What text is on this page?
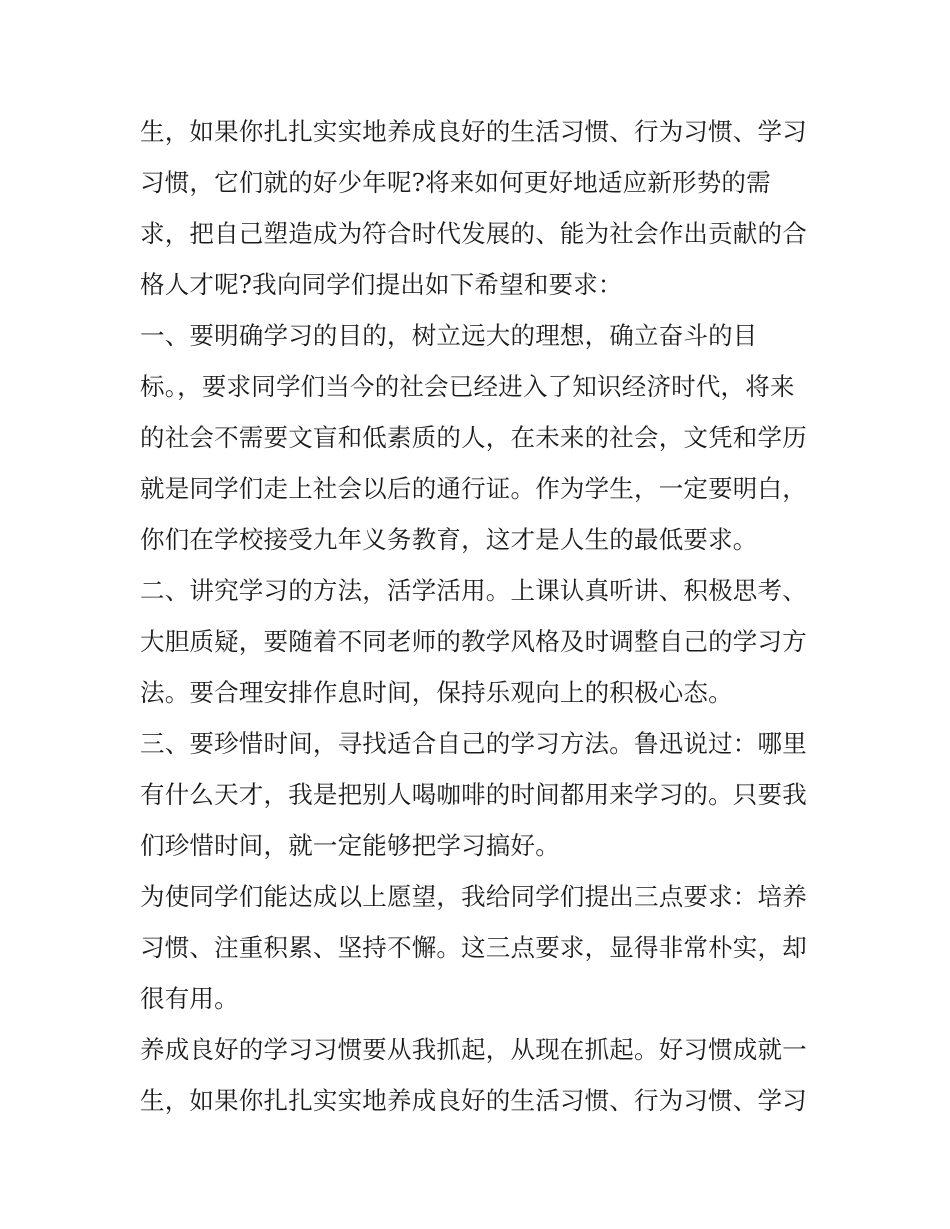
生，如果你扎扎实实地养成良好的生活习惯、行为习惯、学习
习惯，它们就的好少年呢?将来如何更好地适应新形势的需
求，把自己塑造成为符合时代发展的、能为社会作出贡献的合
格人才呢?我向同学们提出如下希望和要求：
一、要明确学习的目的，树立远大的理想，确立奋斗的目
标。，要求同学们当今的社会已经进入了知识经济时代，将来
的社会不需要文盲和低素质的人，在未来的社会，文凭和学历
就是同学们走上社会以后的通行证。作为学生，一定要明白，
你们在学校接受九年义务教育，这才是人生的最低要求。
二、讲究学习的方法，活学活用。上课认真听讲、积极思考、
大胆质疑，要随着不同老师的教学风格及时调整自己的学习方
法。要合理安排作息时间，保持乐观向上的积极心态。
三、要珍惜时间，寻找适合自己的学习方法。鲁迅说过：哪里
有什么天才，我是把别人喝咖啡的时间都用来学习的。只要我
们珍惜时间，就一定能够把学习搞好。
为使同学们能达成以上愿望，我给同学们提出三点要求：培养
习惯、注重积累、坚持不懈。这三点要求，显得非常朴实，却
很有用。
养成良好的学习习惯要从我抓起，从现在抓起。好习惯成就一
生，如果你扎扎实实地养成良好的生活习惯、行为习惯、学习
